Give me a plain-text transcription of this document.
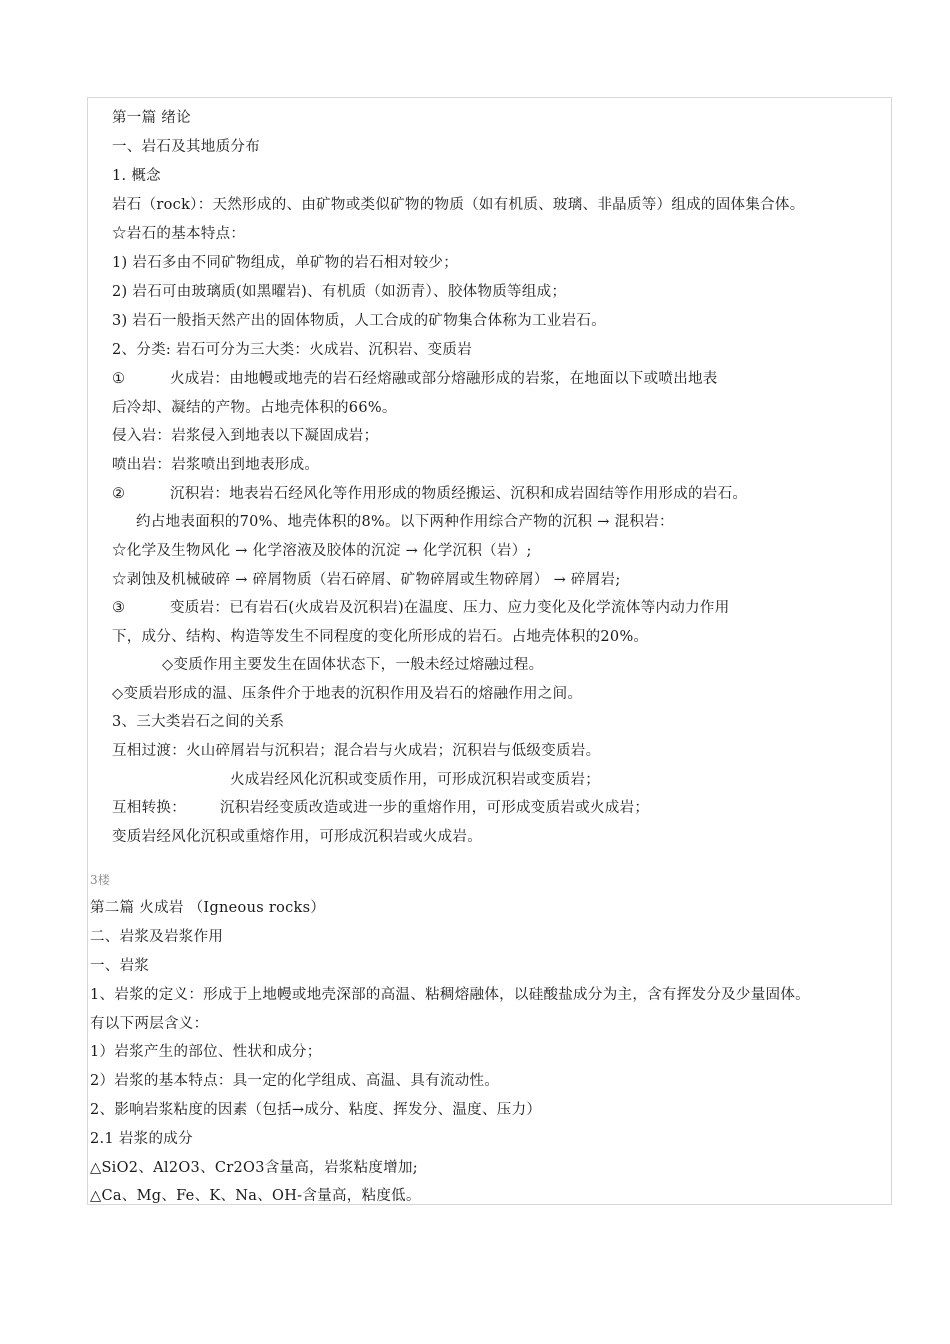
第一篇 绪论
一、岩石及其地质分布
1. 概念
岩石（rock）：天然形成的、由矿物或类似矿物的物质（如有机质、玻璃、非晶质等）组成的固体集合体。
☆岩石的基本特点：
1) 岩石多由不同矿物组成，单矿物的岩石相对较少；
2) 岩石可由玻璃质(如黑曜岩)、有机质（如沥青）、胶体物质等组成；
3) 岩石一般指天然产出的固体物质，人工合成的矿物集合体称为工业岩石。
2、分类: 岩石可分为三大类：火成岩、沉积岩、变质岩
①	火成岩：由地幔或地壳的岩石经熔融或部分熔融形成的岩浆，在地面以下或喷出地表
后冷却、凝结的产物。占地壳体积的66%。
侵入岩：岩浆侵入到地表以下凝固成岩；
喷出岩：岩浆喷出到地表形成。
②	沉积岩：地表岩石经风化等作用形成的物质经搬运、沉积和成岩固结等作用形成的岩石。
约占地表面积的70%、地壳体积的8%。以下两种作用综合产物的沉积 → 混积岩：
☆化学及生物风化 → 化学溶液及胶体的沉淀 → 化学沉积（岩）;
☆剥蚀及机械破碎 → 碎屑物质（岩石碎屑、矿物碎屑或生物碎屑） → 碎屑岩;
③	变质岩：已有岩石(火成岩及沉积岩)在温度、压力、应力变化及化学流体等内动力作用
下，成分、结构、构造等发生不同程度的变化所形成的岩石。占地壳体积的20%。
◇变质作用主要发生在固体状态下，一般未经过熔融过程。
◇变质岩形成的温、压条件介于地表的沉积作用及岩石的熔融作用之间。
3、三大类岩石之间的关系
互相过渡：火山碎屑岩与沉积岩；混合岩与火成岩；沉积岩与低级变质岩。
火成岩经风化沉积或变质作用，可形成沉积岩或变质岩；
互相转换： 沉积岩经变质改造或进一步的重熔作用，可形成变质岩或火成岩；
变质岩经风化沉积或重熔作用，可形成沉积岩或火成岩。
3楼
第二篇 火成岩 （Igneous rocks）
二、岩浆及岩浆作用
一、岩浆
1、岩浆的定义：形成于上地幔或地壳深部的高温、粘稠熔融体，以硅酸盐成分为主，含有挥发分及少量固体。
有以下两层含义：
1）岩浆产生的部位、性状和成分；
2）岩浆的基本特点：具一定的化学组成、高温、具有流动性。
2、影响岩浆粘度的因素（包括→成分、粘度、挥发分、温度、压力）
2.1 岩浆的成分
△SiO2、Al2O3、Cr2O3含量高，岩浆粘度增加;
△Ca、Mg、Fe、K、Na、OH-含量高，粘度低。
